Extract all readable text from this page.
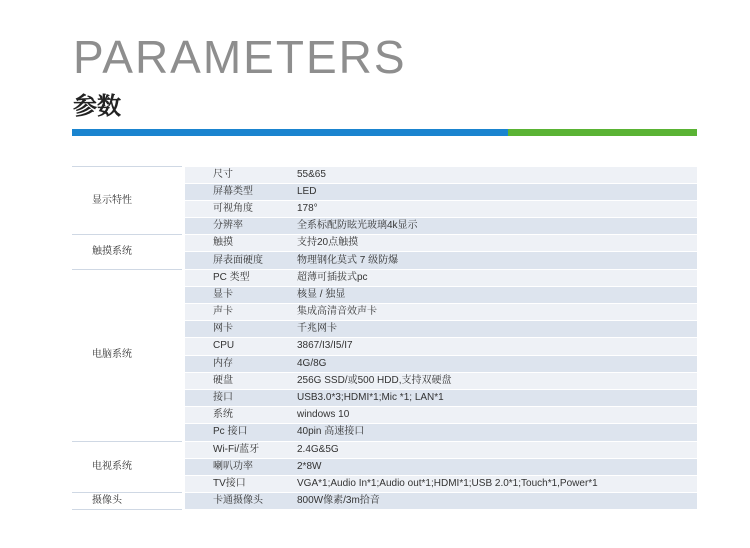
PARAMETERS
参数
显示特性		尺寸	55&65
		屏幕类型	LED
		可视角度	178°
		分辨率	全系标配防眩光玻璃4k显示
触摸系统		触摸	支持20点触摸
		屏表面硬度	物理钢化莫式 7 级防爆
电脑系统		PC 类型	超薄可插拔式pc
		显卡	核显 / 独显
		声卡	集成高清音效声卡
		网卡	千兆网卡
		CPU	3867/I3/I5/I7
		内存	4G/8G
		硬盘	256G SSD/或500 HDD,支持双硬盘
		接口	USB3.0*3;HDMI*1;Mic *1; LAN*1
		系统	windows 10
		Pc 接口	40pin 高速接口
电视系统		Wi-Fi/蓝牙	2.4G&5G
		喇叭功率	2*8W
		TV接口	VGA*1;Audio In*1;Audio out*1;HDMI*1;USB 2.0*1;Touch*1,Power*1
摄像头		卡通摄像头	800W像素/3m拾音
